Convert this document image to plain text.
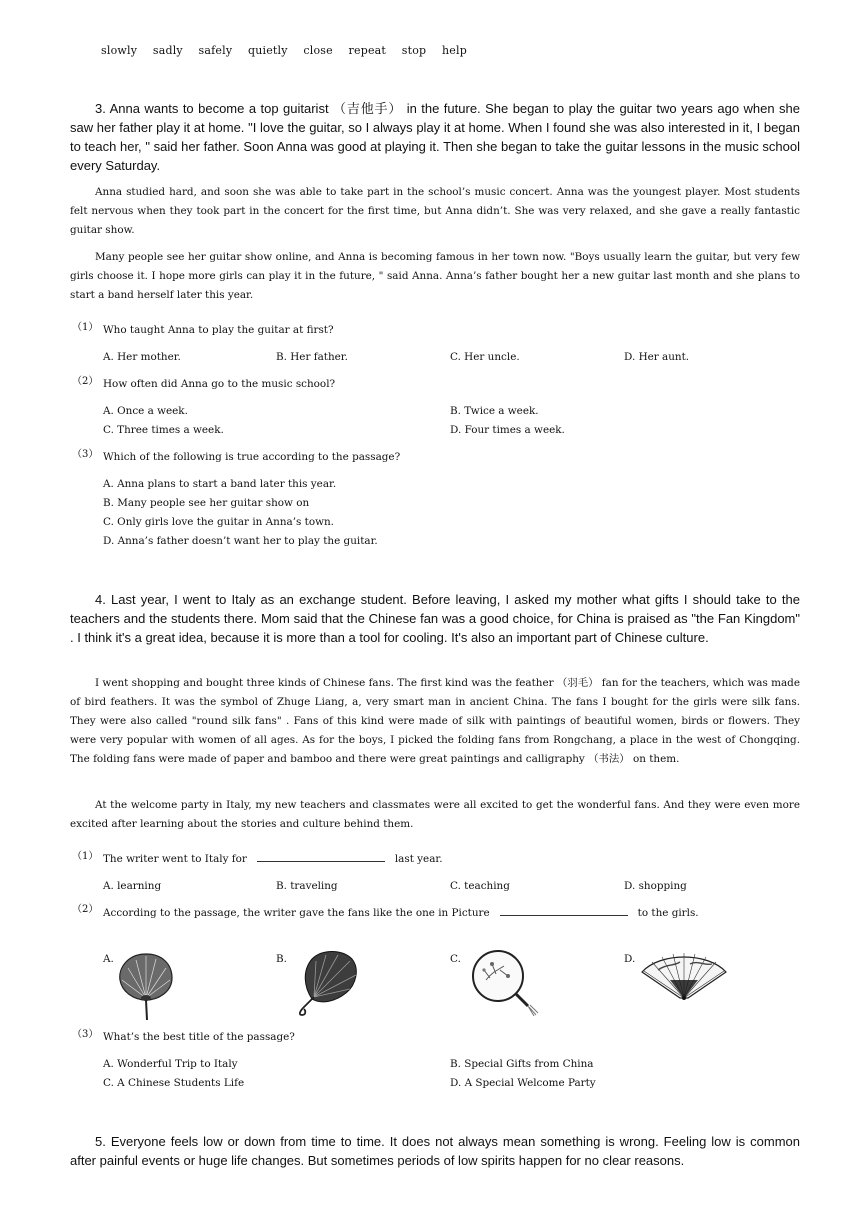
slowly sadly safely quietly close repeat stop help

3. Anna wants to become a top guitarist （吉他手） in the future. She began to play the guitar two years ago when she saw her father play it at home. "I love the guitar, so I always play it at home. When I found she was also interested in it, I began to teach her, " said her father. Soon Anna was good at playing it. Then she began to take the guitar lessons in the music school every Saturday.

Anna studied hard, and soon she was able to take part in the school’s music concert. Anna was the youngest player. Most students felt nervous when they took part in the concert for the first time, but Anna didn’t. She was very relaxed, and she gave a really fantastic guitar show.

Many people see her guitar show online, and Anna is becoming famous in her town now. "Boys usually learn the guitar, but very few girls choose it. I hope more girls can play it in the future, " said Anna. Anna’s father bought her a new guitar last month and she plans to start a band herself later this year.

（1） Who taught Anna to play the guitar at first?
A. Her mother.	B. Her father.	C. Her uncle.	D. Her aunt.
（2） How often did Anna go to the music school?
A. Once a week.	B. Twice a week.
C. Three times a week.	D. Four times a week.
（3） Which of the following is true according to the passage?
A. Anna plans to start a band later this year.
B. Many people see her guitar show on
C. Only girls love the guitar in Anna’s town.
D. Anna’s father doesn’t want her to play the guitar.

4. Last year, I went to Italy as an exchange student. Before leaving, I asked my mother what gifts I should take to the teachers and the students there. Mom said that the Chinese fan was a good choice, for China is praised as "the Fan Kingdom" . I think it's a great idea, because it is more than a tool for cooling. It's also an important part of Chinese culture.

I went shopping and bought three kinds of Chinese fans. The first kind was the feather （羽毛） fan for the teachers, which was made of bird feathers. It was the symbol of Zhuge Liang, a, very smart man in ancient China. The fans I bought for the girls were silk fans. They were also called "round silk fans" . Fans of this kind were made of silk with paintings of beautiful women, birds or flowers. They were very popular with women of all ages. As for the boys, I picked the folding fans from Rongchang, a place in the west of Chongqing. The folding fans were made of paper and bamboo and there were great paintings and calligraphy （书法） on them.

At the welcome party in Italy, my new teachers and classmates were all excited to get the wonderful fans. And they were even more excited after learning about the stories and culture behind them.

（1） The writer went to Italy for	last year.
A. learning	B. traveling	C. teaching	D. shopping
（2） According to the passage, the writer gave the fans like the one in Picture	to the girls.
A.	B.	C.	D.
（3） What’s the best title of the passage?
A. Wonderful Trip to Italy	B. Special Gifts from China
C. A Chinese Students Life	D. A Special Welcome Party

5. Everyone feels low or down from time to time. It does not always mean something is wrong. Feeling low is common after painful events or huge life changes. But sometimes periods of low spirits happen for no clear reasons.
